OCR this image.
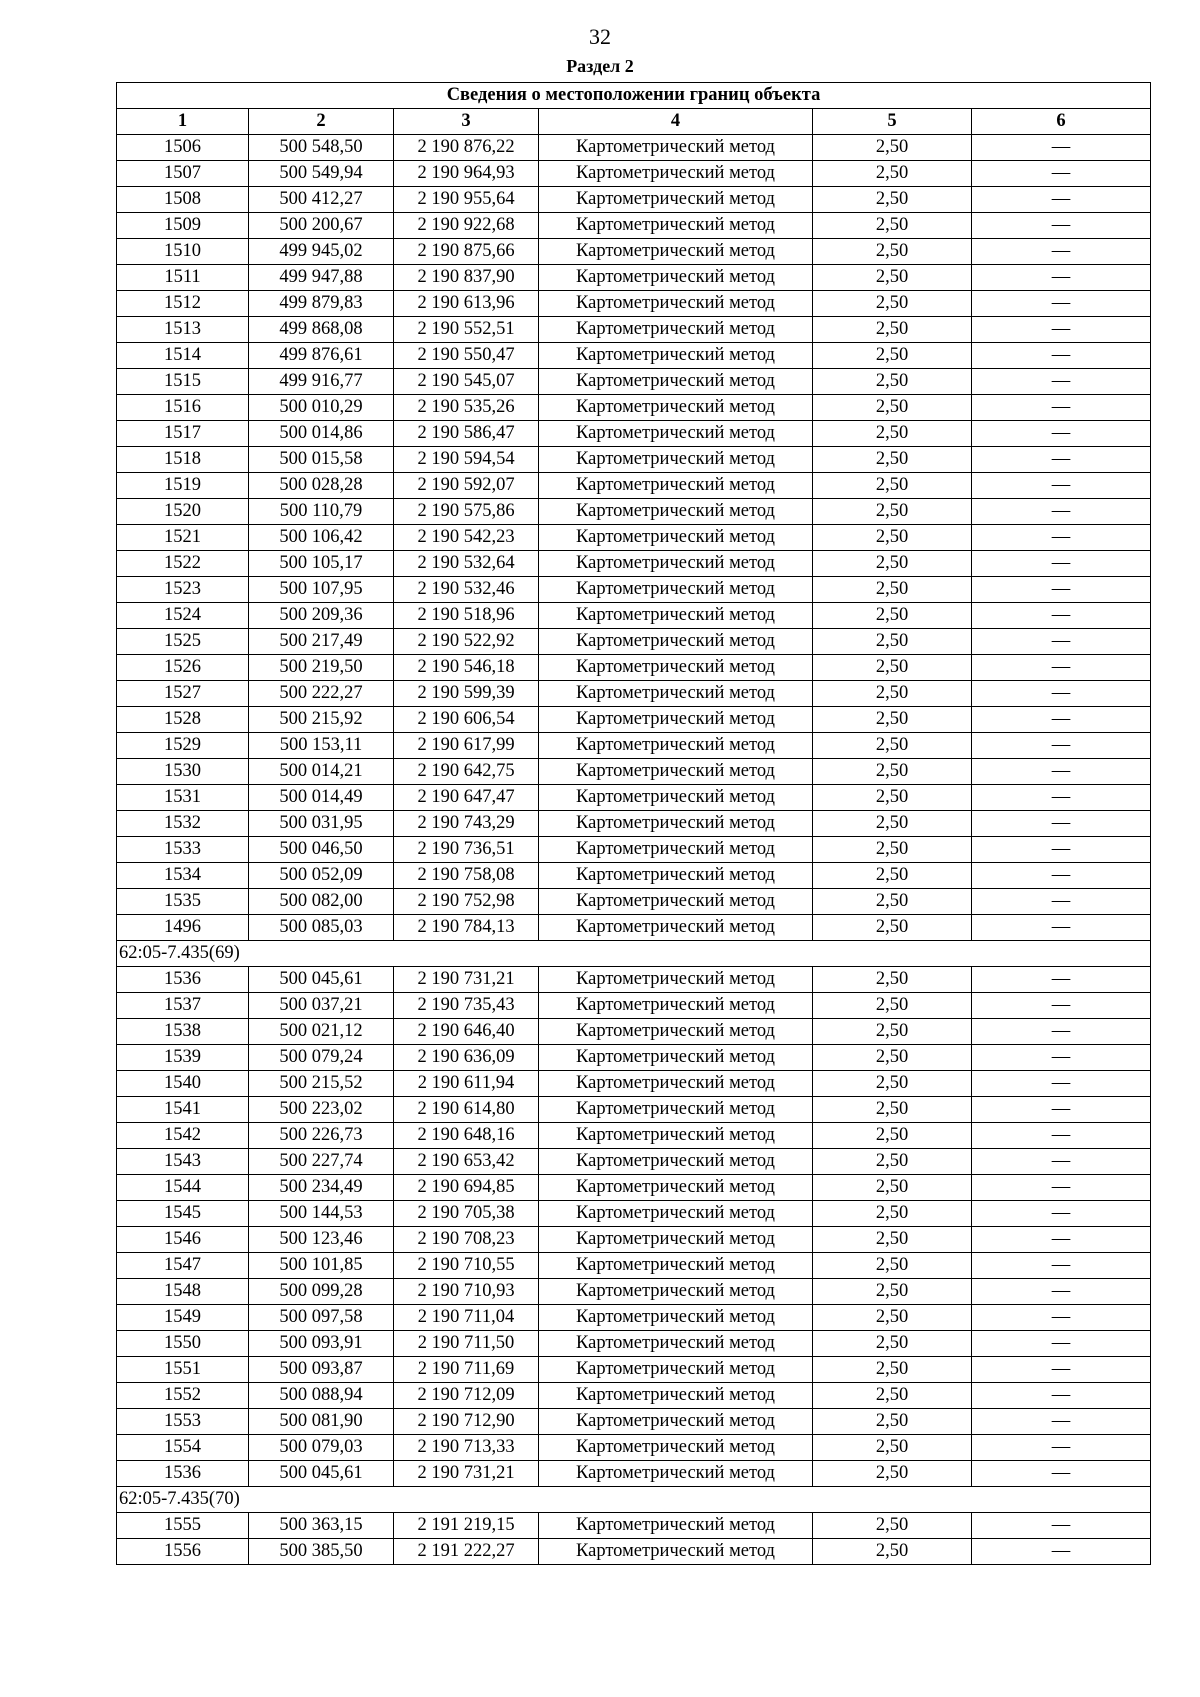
32
Раздел 2
Сведения о местоположении границ объекта					
1	2	3	4	5	6
1506	500 548,50	2 190 876,22	Картометрический метод	2,50	—
1507	500 549,94	2 190 964,93	Картометрический метод	2,50	—
1508	500 412,27	2 190 955,64	Картометрический метод	2,50	—
1509	500 200,67	2 190 922,68	Картометрический метод	2,50	—
1510	499 945,02	2 190 875,66	Картометрический метод	2,50	—
1511	499 947,88	2 190 837,90	Картометрический метод	2,50	—
1512	499 879,83	2 190 613,96	Картометрический метод	2,50	—
1513	499 868,08	2 190 552,51	Картометрический метод	2,50	—
1514	499 876,61	2 190 550,47	Картометрический метод	2,50	—
1515	499 916,77	2 190 545,07	Картометрический метод	2,50	—
1516	500 010,29	2 190 535,26	Картометрический метод	2,50	—
1517	500 014,86	2 190 586,47	Картометрический метод	2,50	—
1518	500 015,58	2 190 594,54	Картометрический метод	2,50	—
1519	500 028,28	2 190 592,07	Картометрический метод	2,50	—
1520	500 110,79	2 190 575,86	Картометрический метод	2,50	—
1521	500 106,42	2 190 542,23	Картометрический метод	2,50	—
1522	500 105,17	2 190 532,64	Картометрический метод	2,50	—
1523	500 107,95	2 190 532,46	Картометрический метод	2,50	—
1524	500 209,36	2 190 518,96	Картометрический метод	2,50	—
1525	500 217,49	2 190 522,92	Картометрический метод	2,50	—
1526	500 219,50	2 190 546,18	Картометрический метод	2,50	—
1527	500 222,27	2 190 599,39	Картометрический метод	2,50	—
1528	500 215,92	2 190 606,54	Картометрический метод	2,50	—
1529	500 153,11	2 190 617,99	Картометрический метод	2,50	—
1530	500 014,21	2 190 642,75	Картометрический метод	2,50	—
1531	500 014,49	2 190 647,47	Картометрический метод	2,50	—
1532	500 031,95	2 190 743,29	Картометрический метод	2,50	—
1533	500 046,50	2 190 736,51	Картометрический метод	2,50	—
1534	500 052,09	2 190 758,08	Картометрический метод	2,50	—
1535	500 082,00	2 190 752,98	Картометрический метод	2,50	—
1496	500 085,03	2 190 784,13	Картометрический метод	2,50	—
62:05-7.435(69)					
1536	500 045,61	2 190 731,21	Картометрический метод	2,50	—
1537	500 037,21	2 190 735,43	Картометрический метод	2,50	—
1538	500 021,12	2 190 646,40	Картометрический метод	2,50	—
1539	500 079,24	2 190 636,09	Картометрический метод	2,50	—
1540	500 215,52	2 190 611,94	Картометрический метод	2,50	—
1541	500 223,02	2 190 614,80	Картометрический метод	2,50	—
1542	500 226,73	2 190 648,16	Картометрический метод	2,50	—
1543	500 227,74	2 190 653,42	Картометрический метод	2,50	—
1544	500 234,49	2 190 694,85	Картометрический метод	2,50	—
1545	500 144,53	2 190 705,38	Картометрический метод	2,50	—
1546	500 123,46	2 190 708,23	Картометрический метод	2,50	—
1547	500 101,85	2 190 710,55	Картометрический метод	2,50	—
1548	500 099,28	2 190 710,93	Картометрический метод	2,50	—
1549	500 097,58	2 190 711,04	Картометрический метод	2,50	—
1550	500 093,91	2 190 711,50	Картометрический метод	2,50	—
1551	500 093,87	2 190 711,69	Картометрический метод	2,50	—
1552	500 088,94	2 190 712,09	Картометрический метод	2,50	—
1553	500 081,90	2 190 712,90	Картометрический метод	2,50	—
1554	500 079,03	2 190 713,33	Картометрический метод	2,50	—
1536	500 045,61	2 190 731,21	Картометрический метод	2,50	—
62:05-7.435(70)					
1555	500 363,15	2 191 219,15	Картометрический метод	2,50	—
1556	500 385,50	2 191 222,27	Картометрический метод	2,50	—
